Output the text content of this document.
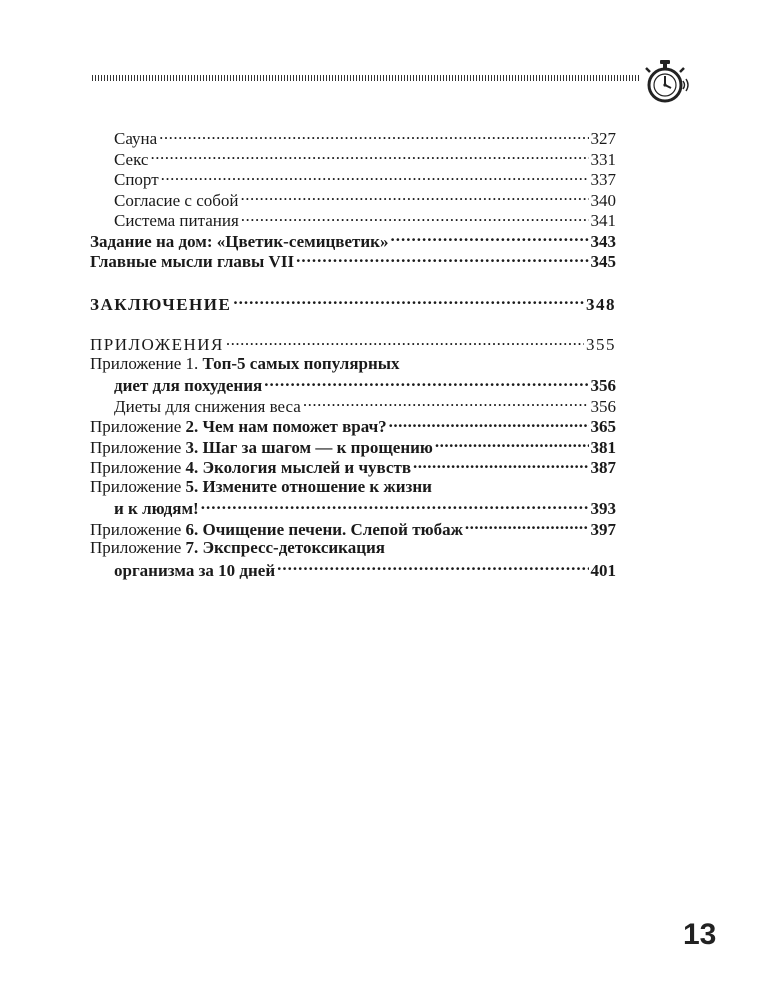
Сауна .....	327
Секс .....	331
Спорт .....	337
Согласие с собой .....	340
Система питания .....	341
Задание на дом: «Цветик-семицветик» .....	343
Главные мысли главы VII .....	345
ЗАКЛЮЧЕНИЕ .....	348
ПРИЛОЖЕНИЯ .....	355
Приложение 1. Топ-5 самых популярных
диет для похудения .....	356
Диеты для снижения веса .....	356
Приложение 2. Чем нам поможет врач? .....	365
Приложение 3. Шаг за шагом — к прощению .....	381
Приложение 4. Экология мыслей и чувств .....	387
Приложение 5. Измените отношение к жизни
и к людям! .....	393
Приложение 6. Очищение печени. Слепой тюбаж .....	397
Приложение 7. Экспресс-детоксикация
организма за 10 дней .....	401
13
